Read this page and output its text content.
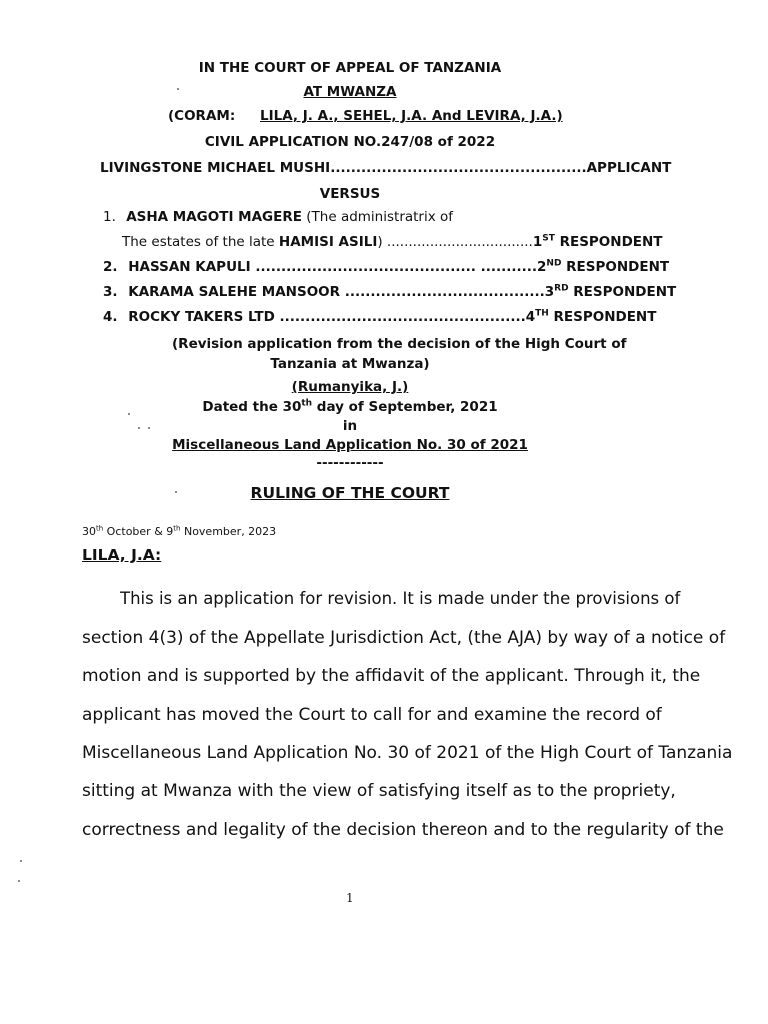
IN THE COURT OF APPEAL OF TANZANIA
AT MWANZA
(CORAM: LILA, J. A., SEHEL, J.A. And LEVIRA, J.A.)
CIVIL APPLICATION NO.247/08 of 2022
LIVINGSTONE MICHAEL MUSHI..................................................APPLICANT
VERSUS
1. ASHA MAGOTI MAGERE (The administratrix of
The estates of the late HAMISI ASILI) ..................................1ST RESPONDENT
2. HASSAN KAPULI ........................................... ...........2ND RESPONDENT
3. KARAMA SALEHE MANSOOR .......................................3RD RESPONDENT
4. ROCKY TAKERS LTD ................................................4TH RESPONDENT
(Revision application from the decision of the High Court of
Tanzania at Mwanza)
(Rumanyika, J.)
Dated the 30th day of September, 2021
in
Miscellaneous Land Application No. 30 of 2021
------------
RULING OF THE COURT
30th October & 9th November, 2023
LILA, J.A:
This is an application for revision. It is made under the provisions of
section 4(3) of the Appellate Jurisdiction Act, (the AJA) by way of a notice of
motion and is supported by the affidavit of the applicant. Through it, the
applicant has moved the Court to call for and examine the record of
Miscellaneous Land Application No. 30 of 2021 of the High Court of Tanzania
sitting at Mwanza with the view of satisfying itself as to the propriety,
correctness and legality of the decision thereon and to the regularity of the
1
